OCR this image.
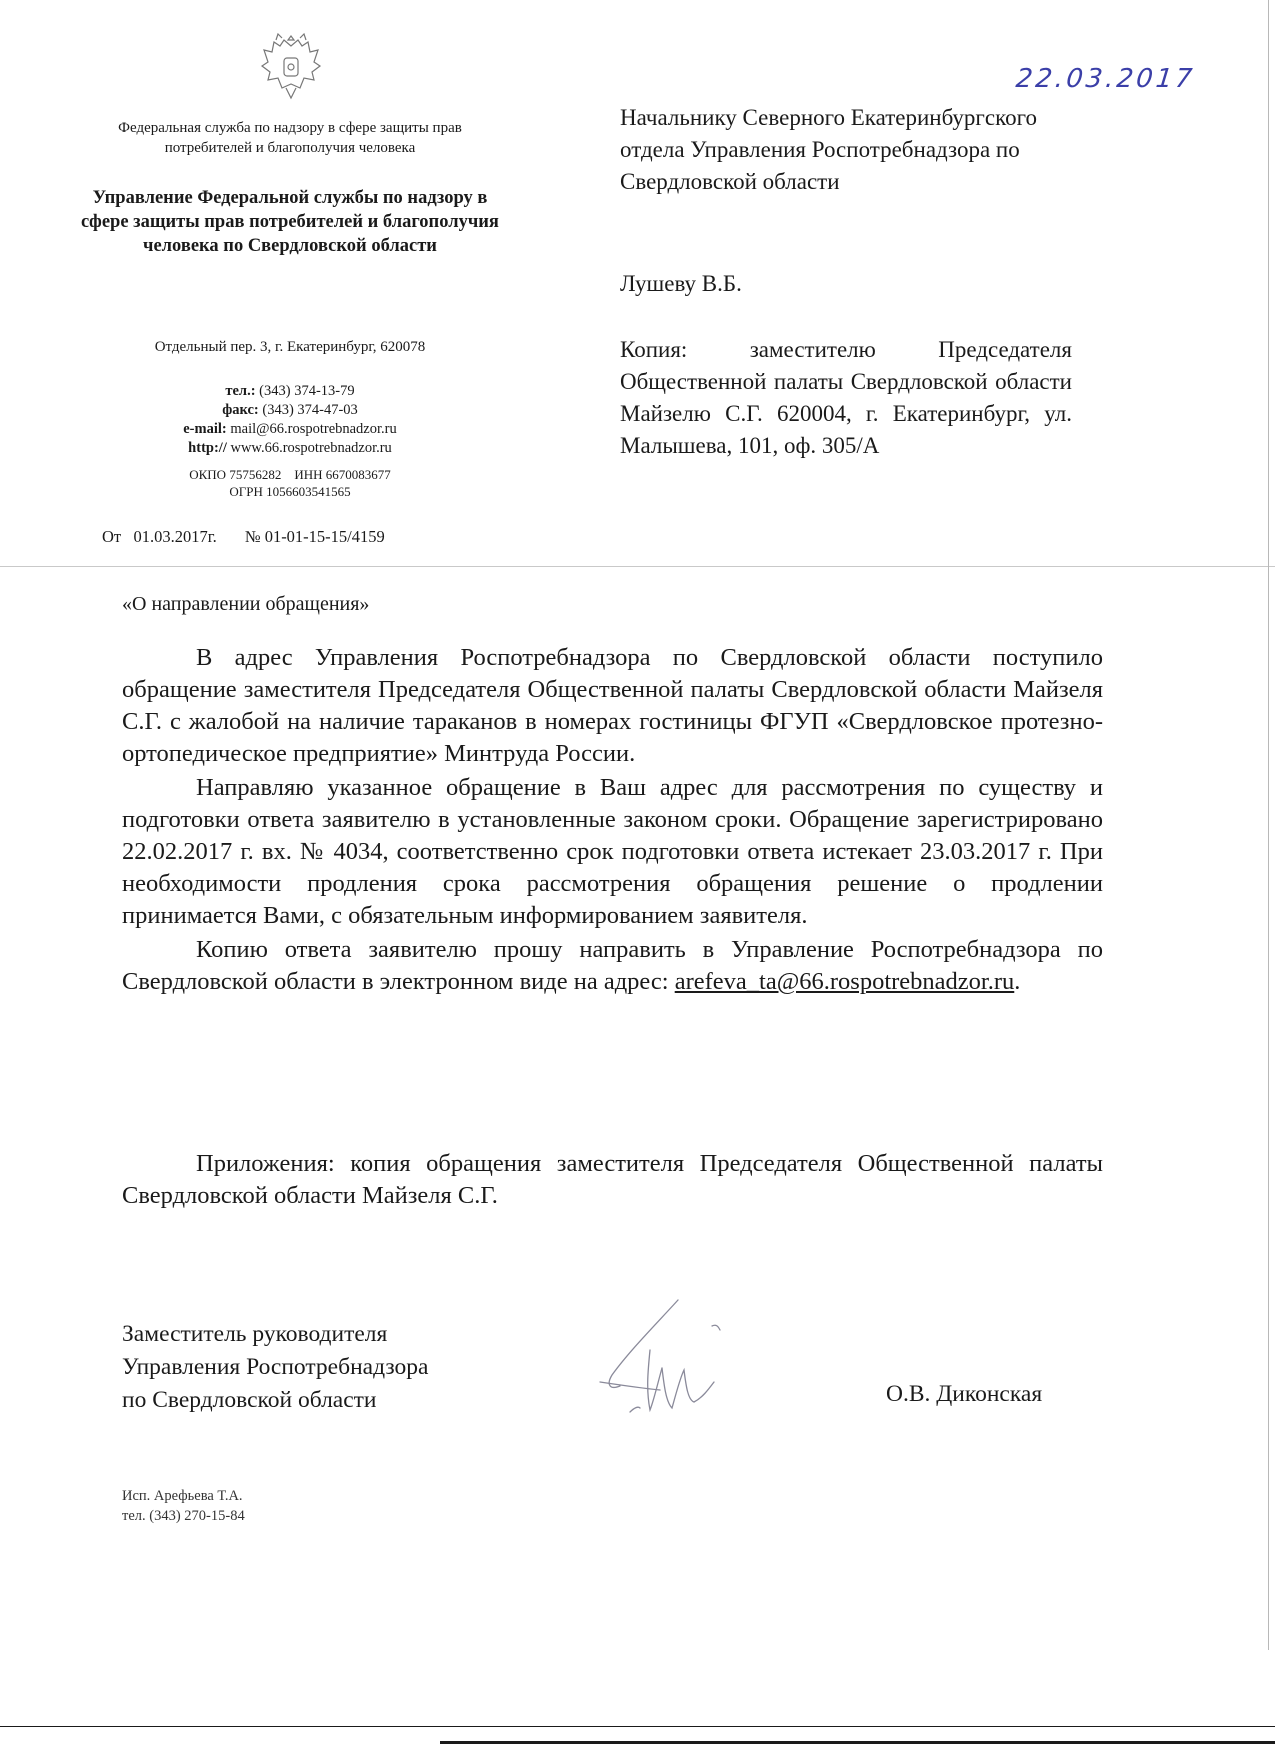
Федеральная служба по надзору в сфере защиты прав потребителей и благополучия человека
Управление Федеральной службы по надзору в сфере защиты прав потребителей и благополучия человека по Свердловской области
Отдельный пер. 3, г. Екатеринбург, 620078
тел.: (343) 374-13-79
факс: (343) 374-47-03
e-mail: mail@66.rospotrebnadzor.ru
http:// www.66.rospotrebnadzor.ru
ОКПО 75756282 ИНН 6670083677
ОГРН 1056603541565
От 01.03.2017г. № 01-01-15-15/4159
22.03.2017
Начальнику Северного Екатеринбургского отдела Управления Роспотребнадзора по Свердловской области
Лушеву В.Б.
Копия: заместителю Председателя Общественной палаты Свердловской области Майзелю С.Г. 620004, г. Екатеринбург, ул. Малышева, 101, оф. 305/А
«О направлении обращения»

В адрес Управления Роспотребнадзора по Свердловской области поступило обращение заместителя Председателя Общественной палаты Свердловской области Майзеля С.Г. с жалобой на наличие тараканов в номерах гостиницы ФГУП «Свердловское протезно-ортопедическое предприятие» Минтруда России.

Направляю указанное обращение в Ваш адрес для рассмотрения по существу и подготовки ответа заявителю в установленные законом сроки. Обращение зарегистрировано 22.02.2017 г. вх. № 4034, соответственно срок подготовки ответа истекает 23.03.2017 г. При необходимости продления срока рассмотрения обращения решение о продлении принимается Вами, с обязательным информированием заявителя.

Копию ответа заявителю прошу направить в Управление Роспотребнадзора по Свердловской области в электронном виде на адрес: arefeva_ta@66.rospotrebnadzor.ru.

Приложения: копия обращения заместителя Председателя Общественной палаты Свердловской области Майзеля С.Г.

Заместитель руководителя
Управления Роспотребнадзора
по Свердловской области	О.В. Диконская
Исп. Арефьева Т.А.
тел. (343) 270-15-84
